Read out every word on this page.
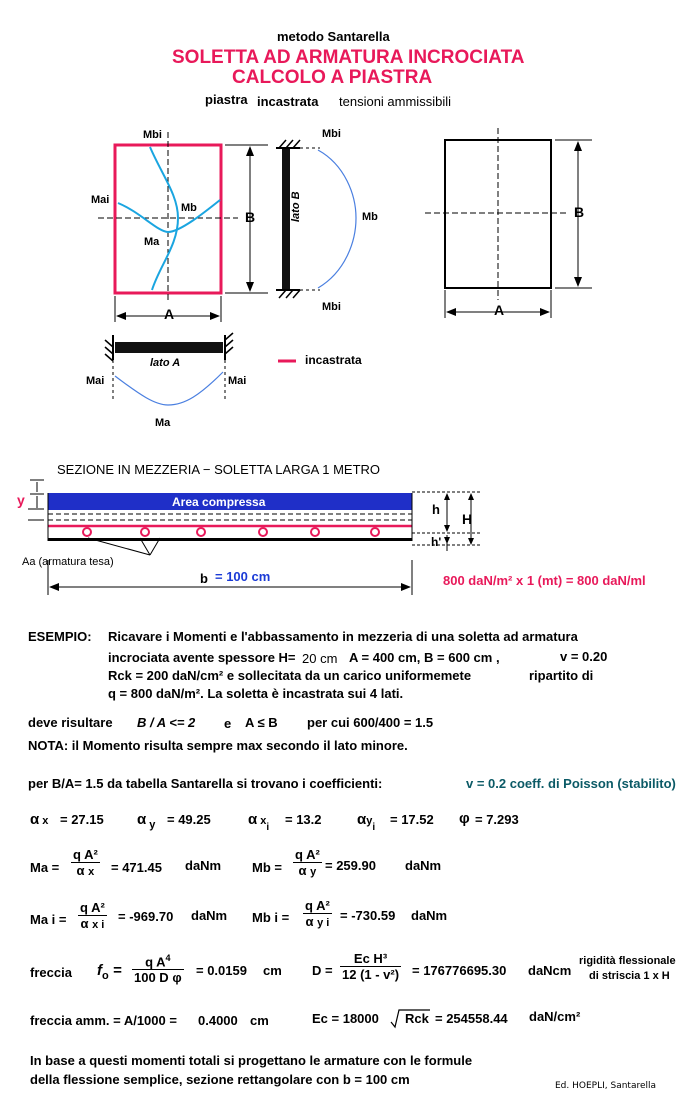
metodo Santarella
SOLETTA AD ARMATURA INCROCIATA
CALCOLO A PIASTRA
piastra incastrata tensioni ammissibili
Mbi
Mai
Mb
Ma
B
A
lato B
Mbi
Mb
Mbi
lato A
Mai	Mai
Ma
incastrata
B
A
SEZIONE IN MEZZERIA − SOLETTA LARGA 1 METRO
y	Area compressa	h
H
h'
Aa (armatura tesa)
b = 100 cm	800 daN/m² x 1 (mt) = 800 daN/ml
ESEMPIO: Ricavare i Momenti e l'abbassamento in mezzeria di una soletta ad armatura
incrociata avente spessore H= 20 cm A = 400 cm, B = 600 cm ,	v = 0.20
Rck = 200 daN/cm² e sollecitata da un carico uniformemete	ripartito di
q = 800 daN/m². La soletta è incastrata sui 4 lati.
deve risultare B / A <= 2 e A ≤ B per cui 600/400 = 1.5
NOTA: il Momento risulta sempre max secondo il lato minore.
per B/A= 1.5 da tabella Santarella si trovano i coefficienti:	v = 0.2 coeff. di Poisson (stabilito)
α x = 27.15 α $_y$ = 49.25 α $x_i$
= 13.2 $\alpha y_i$
= 17.52 φ = 7.293
$Ma = \frac{\text{q A²}}{\text{α x}} = 471.45$ daNm $Mb = \frac{\text{q A²}}{\text{α y}} = 259.90$ daNm
Ma $i = \frac{\text{q A²}}{\text{α x i}} = -969.70$ daNm Mb $i = \frac{\text{q A²}}{\text{α y i}} = -730.59$ daNm
freccia $f_o = \frac{q A^4}{\text{100 D φ}} = 0.0159$ cm $D = \frac{\text{Ec H³}}{\text{12 (1 - v²)}} = 176776695.30$ daNcm
rigidità flessionale
di striscia 1 x H
freccia amm. = A/1000 = 0.4000 cm	Ec = 18000 Rck = 254558.44 daN/cm²
In base a questi momenti totali si progettano le armature con le formule
della flessione semplice, sezione rettangolare con b = 100 cm	Ed. HOEPLI, Santarella
